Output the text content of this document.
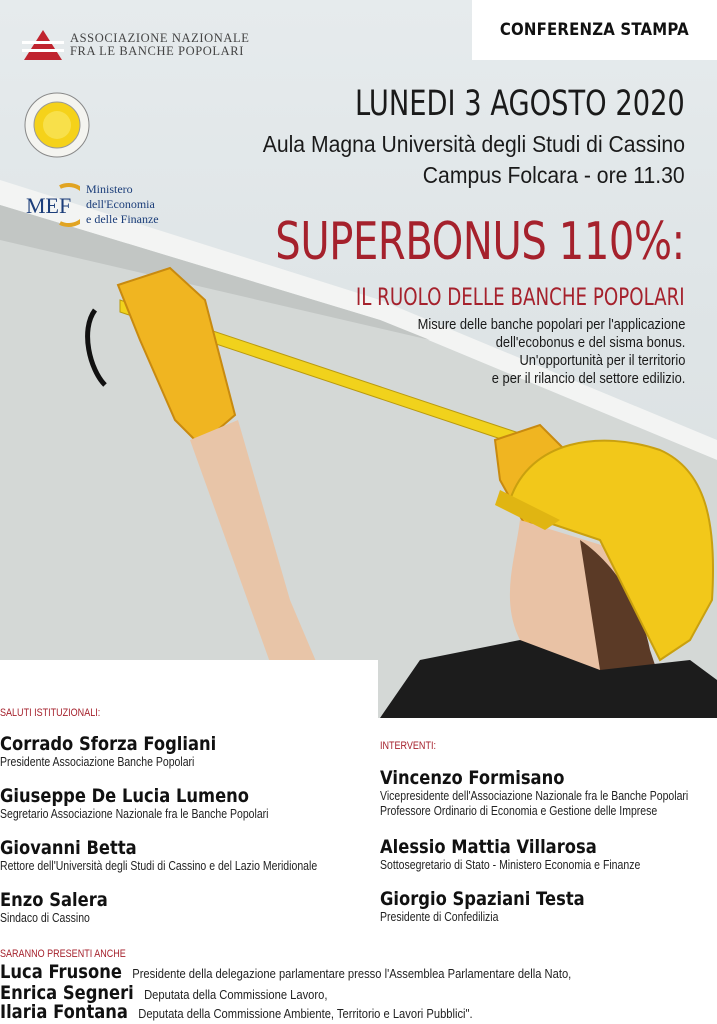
CONFERENZA STAMPA
ASSOCIAZIONE NAZIONALE
FRA LE BANCHE POPOLARI
MEF
Ministero
dell'Economia
e delle Finanze
LUNEDI 3 AGOSTO 2020
Aula Magna Università degli Studi di Cassino
Campus Folcara - ore 11.30
SUPERBONUS 110%:
IL RUOLO DELLE BANCHE POPOLARI
Misure delle banche popolari per l'applicazione
dell'ecobonus e del sisma bonus.
Un'opportunità per il territorio
e per il rilancio del settore edilizio.
SALUTI ISTITUZIONALI:
Corrado Sforza Fogliani
Presidente Associazione Banche Popolari
Giuseppe De Lucia Lumeno
Segretario Associazione Nazionale fra le Banche Popolari
Giovanni Betta
Rettore dell'Università degli Studi di Cassino e del Lazio Meridionale
Enzo Salera
Sindaco di Cassino
INTERVENTI:
Vincenzo Formisano
Vicepresidente dell'Associazione Nazionale fra le Banche Popolari
Professore Ordinario di Economia e Gestione delle Imprese
Alessio Mattia Villarosa
Sottosegretario di Stato - Ministero Economia e Finanze
Giorgio Spaziani Testa
Presidente di Confedilizia
SARANNO PRESENTI ANCHE
Luca Frusone Presidente della delegazione parlamentare presso l'Assemblea Parlamentare della Nato,
Enrica Segneri Deputata della Commissione Lavoro,
Ilaria Fontana Deputata della Commissione Ambiente, Territorio e Lavori Pubblici".
